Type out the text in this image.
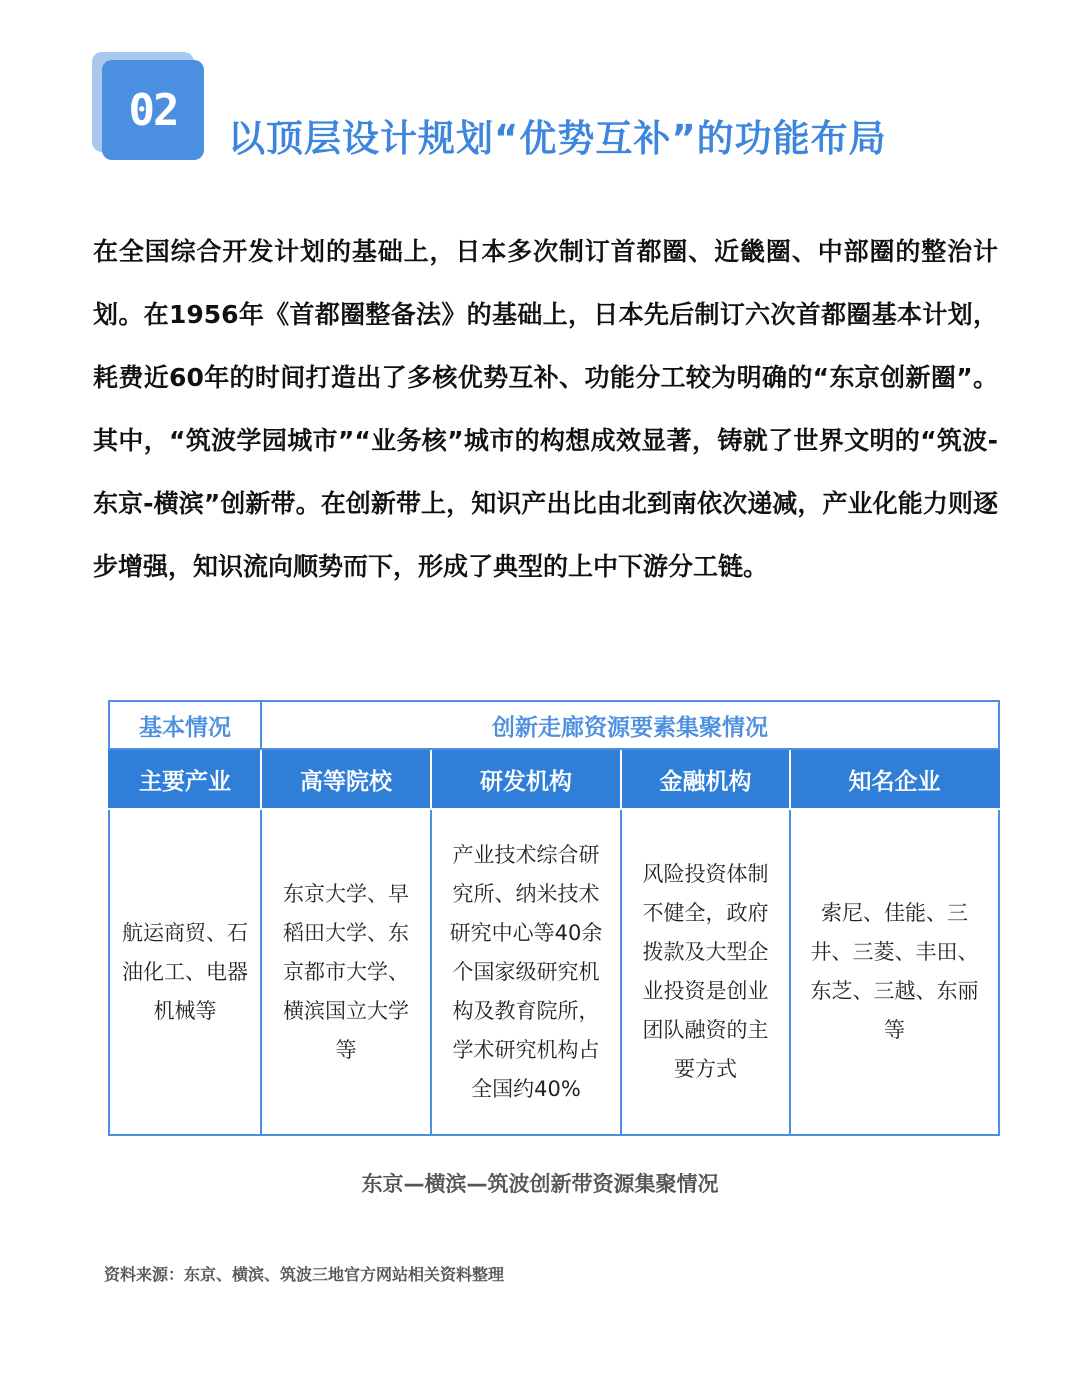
02
以顶层设计规划“优势互补”的功能布局
在全国综合开发计划的基础上，日本多次制订首都圈、近畿圈、中部圈的整治计划。在1956年《首都圈整备法》的基础上，日本先后制订六次首都圈基本计划，耗费近60年的时间打造出了多核优势互补、功能分工较为明确的“东京创新圈”。其中，“筑波学园城市”“业务核”城市的构想成效显著，铸就了世界文明的“筑波-东京-横滨”创新带。在创新带上，知识产出比由北到南依次递减，产业化能力则逐步增强，知识流向顺势而下，形成了典型的上中下游分工链。
基本情况	创新走廊资源要素集聚情况			
主要产业	高等院校	研发机构	金融机构	知名企业

航运商贸、石油化工、电器机械等	东京大学、早稻田大学、东京都市大学、横滨国立大学等	产业技术综合研究所、纳米技术研究中心等40余个国家级研究机构及教育院所，学术研究机构占全国约40%	风险投资体制不健全，政府拨款及大型企业投资是创业团队融资的主要方式	索尼、佳能、三井、三菱、丰田、东芝、三越、东丽等
东京—横滨—筑波创新带资源集聚情况
资料来源：东京、横滨、筑波三地官方网站相关资料整理
